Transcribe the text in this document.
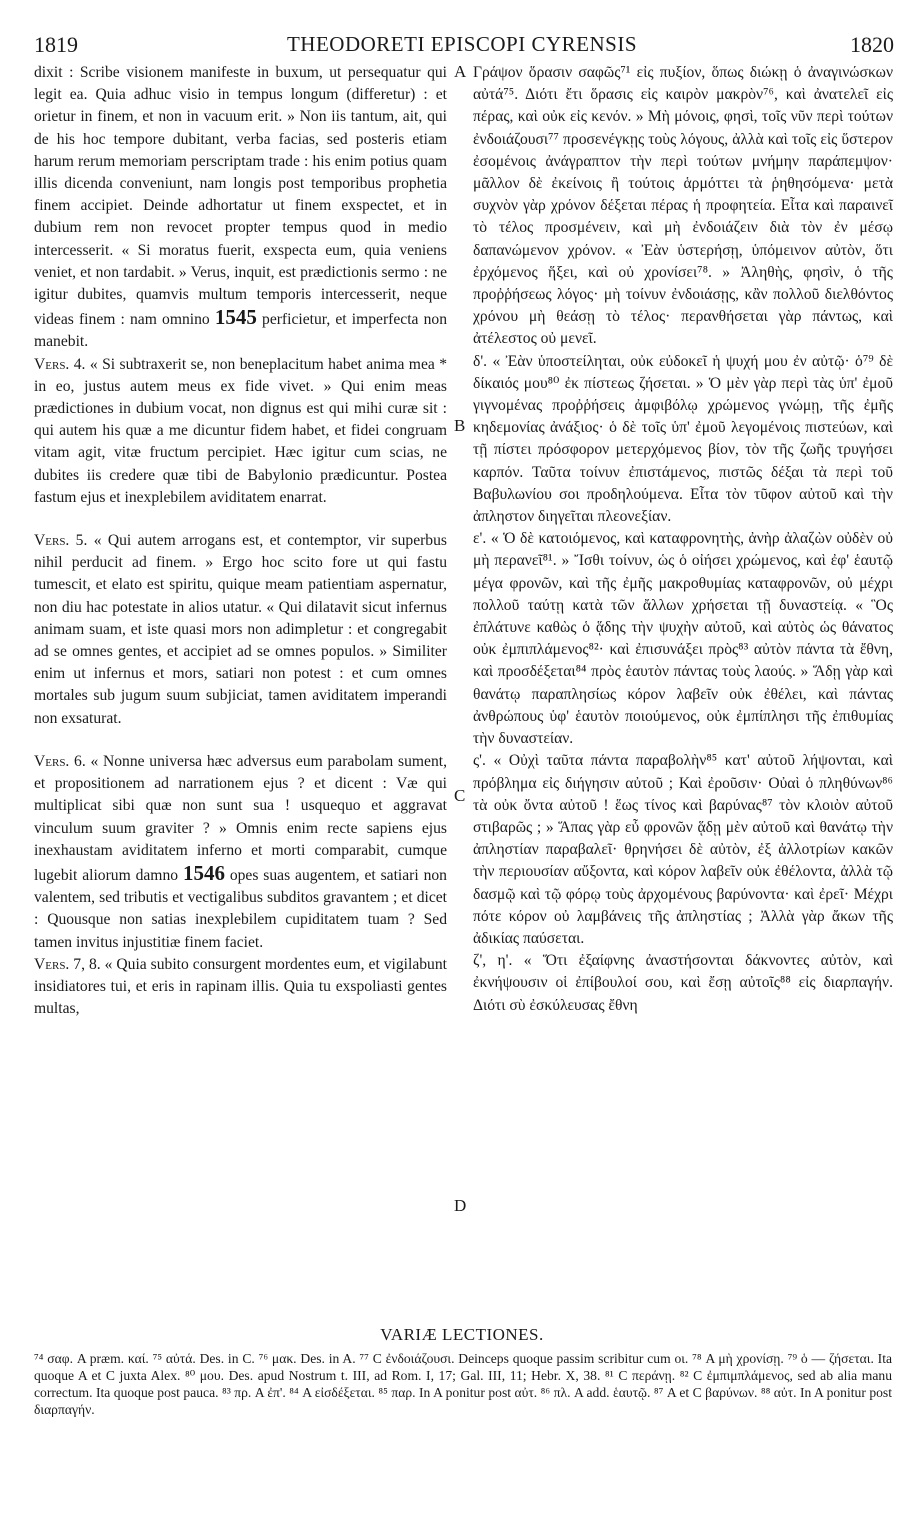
1819	THEODORETI EPISCOPI CYRENSIS	1820
A
B
C
D

dixit : Scribe visionem manifeste in buxum, ut persequatur qui legit ea. Quia adhuc visio in tempus longum (differetur) : et orietur in finem, et non in vacuum erit. » Non iis tantum, ait, qui de his hoc tempore dubitant, verba facias, sed posteris etiam harum rerum memoriam perscriptam trade : his enim potius quam illis dicenda conveniunt, nam longis post temporibus prophetia finem accipiet. Deinde adhortatur ut finem exspectet, et in dubium rem non revocet propter tempus quod in medio intercesserit. « Si moratus fuerit, exspecta eum, quia veniens veniet, et non tardabit. » Verus, inquit, est prædictionis sermo : ne igitur dubites, quamvis multum temporis intercesserit, neque videas finem : nam omnino 1545 perficietur, et imperfecta non manebit.

Vers. 4. « Si subtraxerit se, non beneplacitum habet anima mea * in eo, justus autem meus ex fide vivet. » Qui enim meas prædictiones in dubium vocat, non dignus est qui mihi curæ sit : qui autem his quæ a me dicuntur fidem habet, et fidei congruam vitam agit, vitæ fructum percipiet. Hæc igitur cum scias, ne dubites iis credere quæ tibi de Babylonio prædicuntur. Postea fastum ejus et inexplebilem aviditatem enarrat.

Vers. 5. « Qui autem arrogans est, et contemptor, vir superbus nihil perducit ad finem. » Ergo hoc scito fore ut qui fastu tumescit, et elato est spiritu, quique meam patientiam aspernatur, non diu hac potestate in alios utatur. « Qui dilatavit sicut infernus animam suam, et iste quasi mors non adimpletur : et congregabit ad se omnes gentes, et accipiet ad se omnes populos. » Similiter enim ut infernus et mors, satiari non potest : et cum omnes mortales sub jugum suum subjiciat, tamen aviditatem imperandi non exsaturat.

Vers. 6. « Nonne universa hæc adversus eum parabolam sument, et propositionem ad narrationem ejus ? et dicent : Væ qui multiplicat sibi quæ non sunt sua ! usquequo et aggravat vinculum suum graviter ? » Omnis enim recte sapiens ejus inexhaustam aviditatem inferno et morti comparabit, cumque lugebit aliorum damno 1546 opes suas augentem, et satiari non valentem, sed tributis et vectigalibus subditos gravantem ; et dicet : Quousque non satias inexplebilem cupiditatem tuam ? Sed tamen invitus injustitiæ finem faciet.

Vers. 7, 8. « Quia subito consurgent mordentes eum, et vigilabunt insidiatores tui, et eris in rapinam illis. Quia tu exspoliasti gentes multas,

Γράψον ὅρασιν σαφῶς⁷¹ εἰς πυξίον, ὅπως διώκῃ ὁ ἀναγινώσκων αὐτά⁷⁵. Διότι ἔτι ὅρασις εἰς καιρὸν μακρὸν⁷⁶, καὶ ἀνατελεῖ εἰς πέρας, καὶ οὐκ εἰς κενόν. » Μὴ μόνοις, φησὶ, τοῖς νῦν περὶ τούτων ἐνδοιάζουσι⁷⁷ προσενέγκῃς τοὺς λόγους, ἀλλὰ καὶ τοῖς εἰς ὕστερον ἐσομένοις ἀνάγραπτον τὴν περὶ τούτων μνήμην παράπεμψον· μᾶλλον δὲ ἐκείνοις ἢ τούτοις ἁρμόττει τὰ ῥηθησόμενα· μετὰ συχνὸν γὰρ χρόνον δέξεται πέρας ἡ προφητεία. Εἶτα καὶ παραινεῖ τὸ τέλος προσμένειν, καὶ μὴ ἐνδοιάζειν διὰ τὸν ἐν μέσῳ δαπανώμενον χρόνον. « Ἐὰν ὑστερήσῃ, ὑπόμεινον αὐτὸν, ὅτι ἐρχόμενος ἥξει, καὶ οὐ χρονίσει⁷⁸. » Ἀληθὴς, φησὶν, ὁ τῆς προῤῥήσεως λόγος· μὴ τοίνυν ἐνδοιάσῃς, κἂν πολλοῦ διελθόντος χρόνου μὴ θεάσῃ τὸ τέλος· περανθήσεται γὰρ πάντως, καὶ ἀτέλεστος οὐ μενεῖ.

δ'. « Ἐὰν ὑποστείληται, οὐκ εὐδοκεῖ ἡ ψυχή μου ἐν αὐτῷ· ὁ⁷⁹ δὲ δίκαιός μου⁸⁰ ἐκ πίστεως ζήσεται. » Ὁ μὲν γὰρ περὶ τὰς ὑπ' ἐμοῦ γιγνομένας προῤῥήσεις ἀμφιβόλῳ χρώμενος γνώμῃ, τῆς ἐμῆς κηδεμονίας ἀνάξιος· ὁ δὲ τοῖς ὑπ' ἐμοῦ λεγομένοις πιστεύων, καὶ τῇ πίστει πρόσφορον μετερχόμενος βίον, τὸν τῆς ζωῆς τρυγήσει καρπόν. Ταῦτα τοίνυν ἐπιστάμενος, πιστῶς δέξαι τὰ περὶ τοῦ Βαβυλωνίου σοι προδηλούμενα. Εἶτα τὸν τῦφον αὐτοῦ καὶ τὴν ἀπληστον διηγεῖται πλεονεξίαν.

ε'. « Ὁ δὲ κατοιόμενος, καὶ καταφρονητὴς, ἀνὴρ ἀλαζὼν οὐδὲν οὐ μὴ περανεῖ⁸¹. » Ἴσθι τοίνυν, ὡς ὁ οἰήσει χρώμενος, καὶ ἐφ' ἑαυτῷ μέγα φρονῶν, καὶ τῆς ἐμῆς μακροθυμίας καταφρονῶν, οὐ μέχρι πολλοῦ ταύτῃ κατὰ τῶν ἄλλων χρήσεται τῇ δυναστείᾳ. « Ὃς ἐπλάτυνε καθὼς ὁ ᾅδης τὴν ψυχὴν αὐτοῦ, καὶ αὐτὸς ὡς θάνατος οὐκ ἐμπιπλάμενος⁸²· καὶ ἐπισυνάξει πρὸς⁸³ αὐτὸν πάντα τὰ ἔθνη, καὶ προσδέξεται⁸⁴ πρὸς ἑαυτὸν πάντας τοὺς λαούς. » Ἅδῃ γὰρ καὶ θανάτῳ παραπλησίως κόρον λαβεῖν οὐκ ἐθέλει, καὶ πάντας ἀνθρώπους ὑφ' ἑαυτὸν ποιούμενος, οὐκ ἐμπίπλησι τῆς ἐπιθυμίας τὴν δυναστείαν.

ς'. « Οὐχὶ ταῦτα πάντα παραβολὴν⁸⁵ κατ' αὐτοῦ λήψονται, καὶ πρόβλημα εἰς διήγησιν αὐτοῦ ; Καὶ ἐροῦσιν· Οὐαὶ ὁ πληθύνων⁸⁶ τὰ οὐκ ὄντα αὐτοῦ ! ἕως τίνος καὶ βαρύνας⁸⁷ τὸν κλοιὸν αὐτοῦ στιβαρῶς ; » Ἅπας γὰρ εὖ φρονῶν ᾅδῃ μὲν αὐτοῦ καὶ θανάτῳ τὴν ἀπληστίαν παραβαλεῖ· θρηνήσει δὲ αὐτὸν, ἐξ ἀλλοτρίων κακῶν τὴν περιουσίαν αὔξοντα, καὶ κόρον λαβεῖν οὐκ ἐθέλοντα, ἀλλὰ τῷ δασμῷ καὶ τῷ φόρῳ τοὺς ἀρχομένους βαρύνοντα· καὶ ἐρεῖ· Μέχρι πότε κόρον οὐ λαμβάνεις τῆς ἀπληστίας ; Ἀλλὰ γὰρ ἄκων τῆς ἀδικίας παύσεται.

ζ', η'. « Ὅτι ἐξαίφνης ἀναστήσονται δάκνοντες αὐτὸν, καὶ ἐκνήψουσιν οἱ ἐπίβουλοί σου, καὶ ἔσῃ αὐτοῖς⁸⁸ εἰς διαρπαγήν. Διότι σὺ ἐσκύλευσας ἔθνη

VARIÆ LECTIONES.
⁷⁴ σαφ. A præm. καί. ⁷⁵ αὐτά. Des. in C. ⁷⁶ μακ. Des. in A. ⁷⁷ C ἐνδοιάζουσι. Deinceps quoque passim scribitur cum οι. ⁷⁸ A μὴ χρονίσῃ. ⁷⁹ ὁ — ζήσεται. Ita quoque A et C juxta Alex. ⁸⁰ μου. Des. apud Nostrum t. III, ad Rom. I, 17; Gal. III, 11; Hebr. X, 38. ⁸¹ C περάνῃ. ⁸² C ἐμπιμπλάμενος, sed ab alia manu correctum. Ita quoque post pauca. ⁸³ πρ. A ἐπ'. ⁸⁴ A εἰσδέξεται. ⁸⁵ παρ. In A ponitur post αὐτ. ⁸⁶ πλ. A add. ἑαυτῷ. ⁸⁷ A et C βαρύνων. ⁸⁸ αὐτ. In A ponitur post διαρπαγήν.
